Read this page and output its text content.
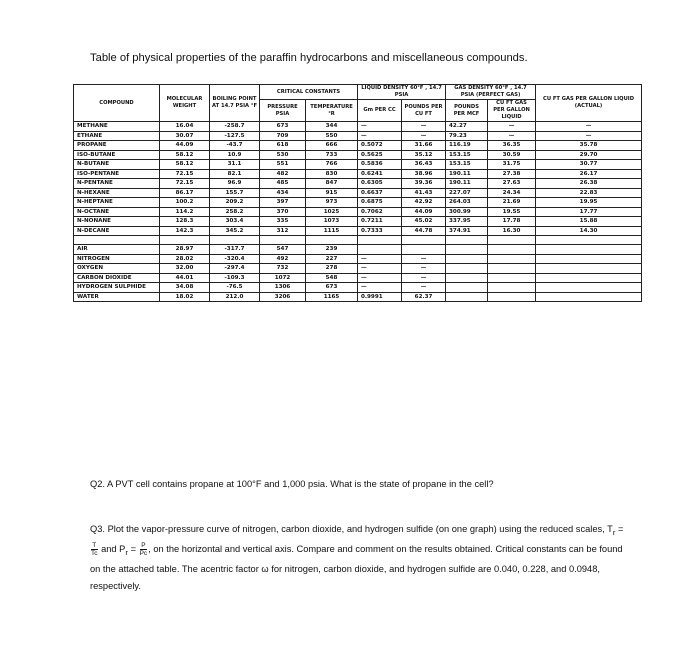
Table of physical properties of the paraffin hydrocarbons and miscellaneous compounds.
COMPOUND	MOLECULAR WEIGHT	BOILING POINT AT 14.7 PSIA °F	CRITICAL CONSTANTS		LIQUID DENSITY 60°F , 14.7 PSIA		GAS DENSITY 60°F , 14.7 PSIA (PERFECT GAS)		CU FT GAS PER GALLON LIQUID (ACTUAL)
			PRESSURE PSIA	TEMPERATURE °R	Gm PER CC	POUNDS PER CU FT	POUNDS PER MCF	CU FT GAS PER GALLON LIQUID	
METHANE	16.04	-258.7	673	344	—	—	42.27	—	—
ETHANE	30.07	-127.5	709	550	—	—	79.23	—	—
PROPANE	44.09	-43.7	618	666	0.5072	31.66	116.19	36.35	35.78
ISO-BUTANE	58.12	10.9	530	733	0.5625	35.12	153.15	30.59	29.70
N-BUTANE	58.12	31.1	551	766	0.5836	36.43	153.15	31.75	30.77
ISO-PENTANE	72.15	82.1	482	830	0.6241	38.96	190.11	27.38	26.17
N-PENTANE	72.15	96.9	485	847	0.6305	39.36	190.11	27.63	26.38
N-HEXANE	86.17	155.7	434	915	0.6637	41.43	227.07	24.34	22.83
N-HEPTANE	100.2	209.2	397	973	0.6875	42.92	264.03	21.69	19.95
N-OCTANE	114.2	258.2	370	1025	0.7062	44.09	300.99	19.55	17.77
N-NONANE	128.3	303.4	335	1073	0.7211	45.02	337.95	17.78	15.88
N-DECANE	142.3	345.2	312	1115	0.7333	44.78	374.91	16.30	14.30

AIR	28.97	-317.7	547	239					
NITROGEN	28.02	-320.4	492	227	—	—			
OXYGEN	32.00	-297.4	732	278	—	—			
CARBON DIOXIDE	44.01	-109.3	1072	548	—	—			
HYDROGEN SULPHIDE	34.08	-76.5	1306	673	—	—			
WATER	18.02	212.0	3206	1165	0.9991	62.37			

Q2. A PVT cell contains propane at 100°F and 1,000 psia. What is the state of propane in the cell?

Q3. Plot the vapor-pressure curve of nitrogen, carbon dioxide, and hydrogen sulfide (on one graph) using the reduced scales, $T_r$ =
$\frac{T}{Tc}$ and $P_r = \frac{P}{Pc}$ , on the horizontal and vertical axis. Compare and comment on the results obtained. Critical constants can be found on the attached table. The acentric factor ω for nitrogen, carbon dioxide, and hydrogen sulfide are 0.040, 0.228, and 0.0948, respectively.
